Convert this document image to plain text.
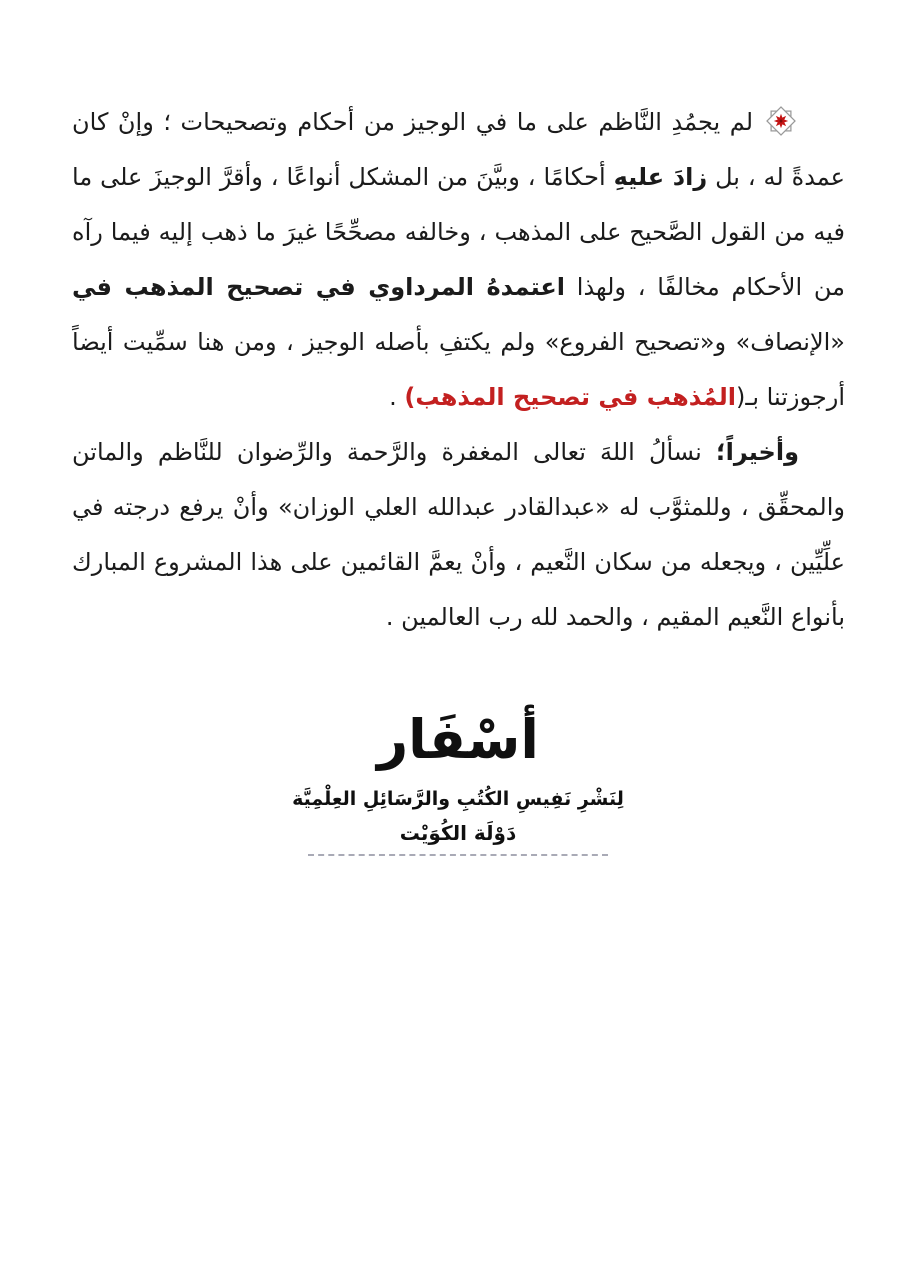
لم يجمُدِ النَّاظم على ما في الوجيز من أحكام وتصحيحات ؛ وإنْ كان
عمدةً له ، بل زادَ عليهِ أحكامًا ، وبيَّنَ من المشكل أنواعًا ، وأقرَّ الوجيزَ على ما
فيه من القول الصَّحيح على المذهب ، وخالفه مصحِّحًا غيرَ ما ذهب إليه فيما رآه
من الأحكام مخالفًا ، ولهذا اعتمدهُ المرداوي في تصحيح المذهب في
«الإنصاف» و«تصحيح الفروع» ولم يكتفِ بأصله الوجيز ، ومن هنا سمِّيت أيضاً
أرجوزتنا بـ(المُذهب في تصحيح المذهب) .
وأخيراً؛ نسألُ اللهَ تعالى المغفرة والرَّحمة والرِّضوان للنَّاظم والماتن
والمحقِّق ، وللمثوَّب له «عبدالقادر عبدالله العلي الوزان» وأنْ يرفع درجته في
علِّيِّين ، ويجعله من سكان النَّعيم ، وأنْ يعمَّ القائمين على هذا المشروع المبارك
بأنواع النَّعيم المقيم ، والحمد لله رب العالمين .
أسْفَار
لِنَشْرِ نَفِيسِ الكُتُبِ والرَّسَائِلِ العِلْمِيَّة
دَوْلَة الكُوَيْت
